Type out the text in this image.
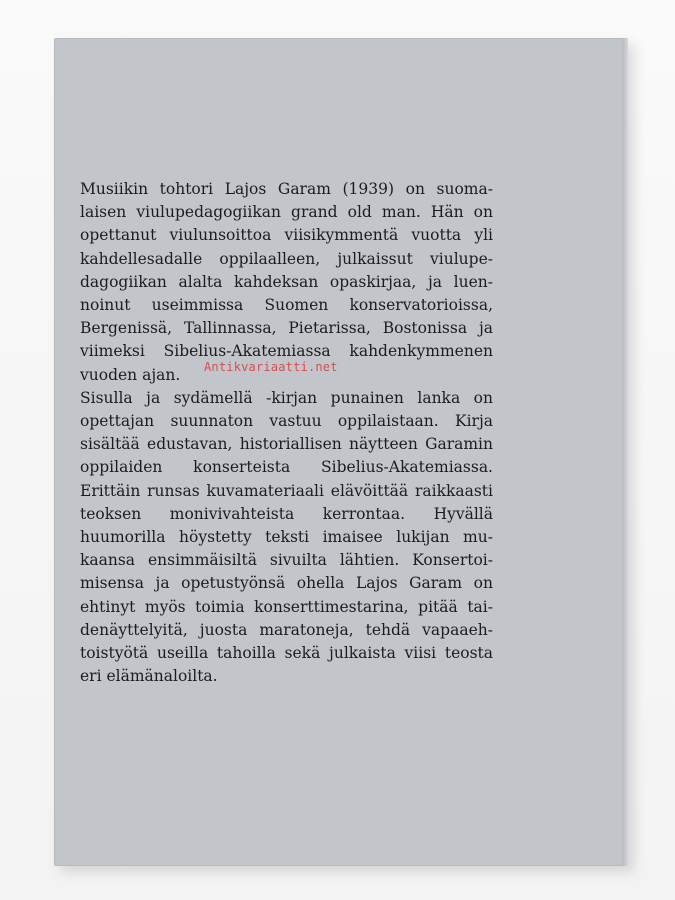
Musiikin tohtori Lajos Garam (1939) on suomalaisen viulupedagogiikan grand old man. Hän on opettanut viulunsoittoa viisikymmentä vuotta yli kahdellesadalle oppilaalleen, julkaissut viulupedagogiikan alalta kahdeksan opaskirjaa, ja luennoinut useimmissa Suomen konservatorioissa, Bergenissä, Tallinnassa, Pietarissa, Bostonissa ja viimeksi Sibelius-Akatemiassa kahdenkymmenen vuoden ajan.

Sisulla ja sydämellä -kirjan punainen lanka on opettajan suunnaton vastuu oppilaistaan. Kirja sisältää edustavan, historiallisen näytteen Garamin oppilaiden konserteista Sibelius-Akatemiassa. Erittäin runsas kuvamateriaali elävöittää raikkaasti teoksen monivivahteista kerrontaa. Hyvällä huumorilla höystetty teksti imaisee lukijan mukaansa ensimmäisiltä sivuilta lähtien. Konsertoimisensa ja opetustyönsä ohella Lajos Garam on ehtinyt myös toimia konserttimestarina, pitää taidenäyttelyitä, juosta maratoneja, tehdä vapaaehtoistyötä useilla tahoilla sekä julkaista viisi teosta eri elämänaloilta.

Antikvariaatti.net
